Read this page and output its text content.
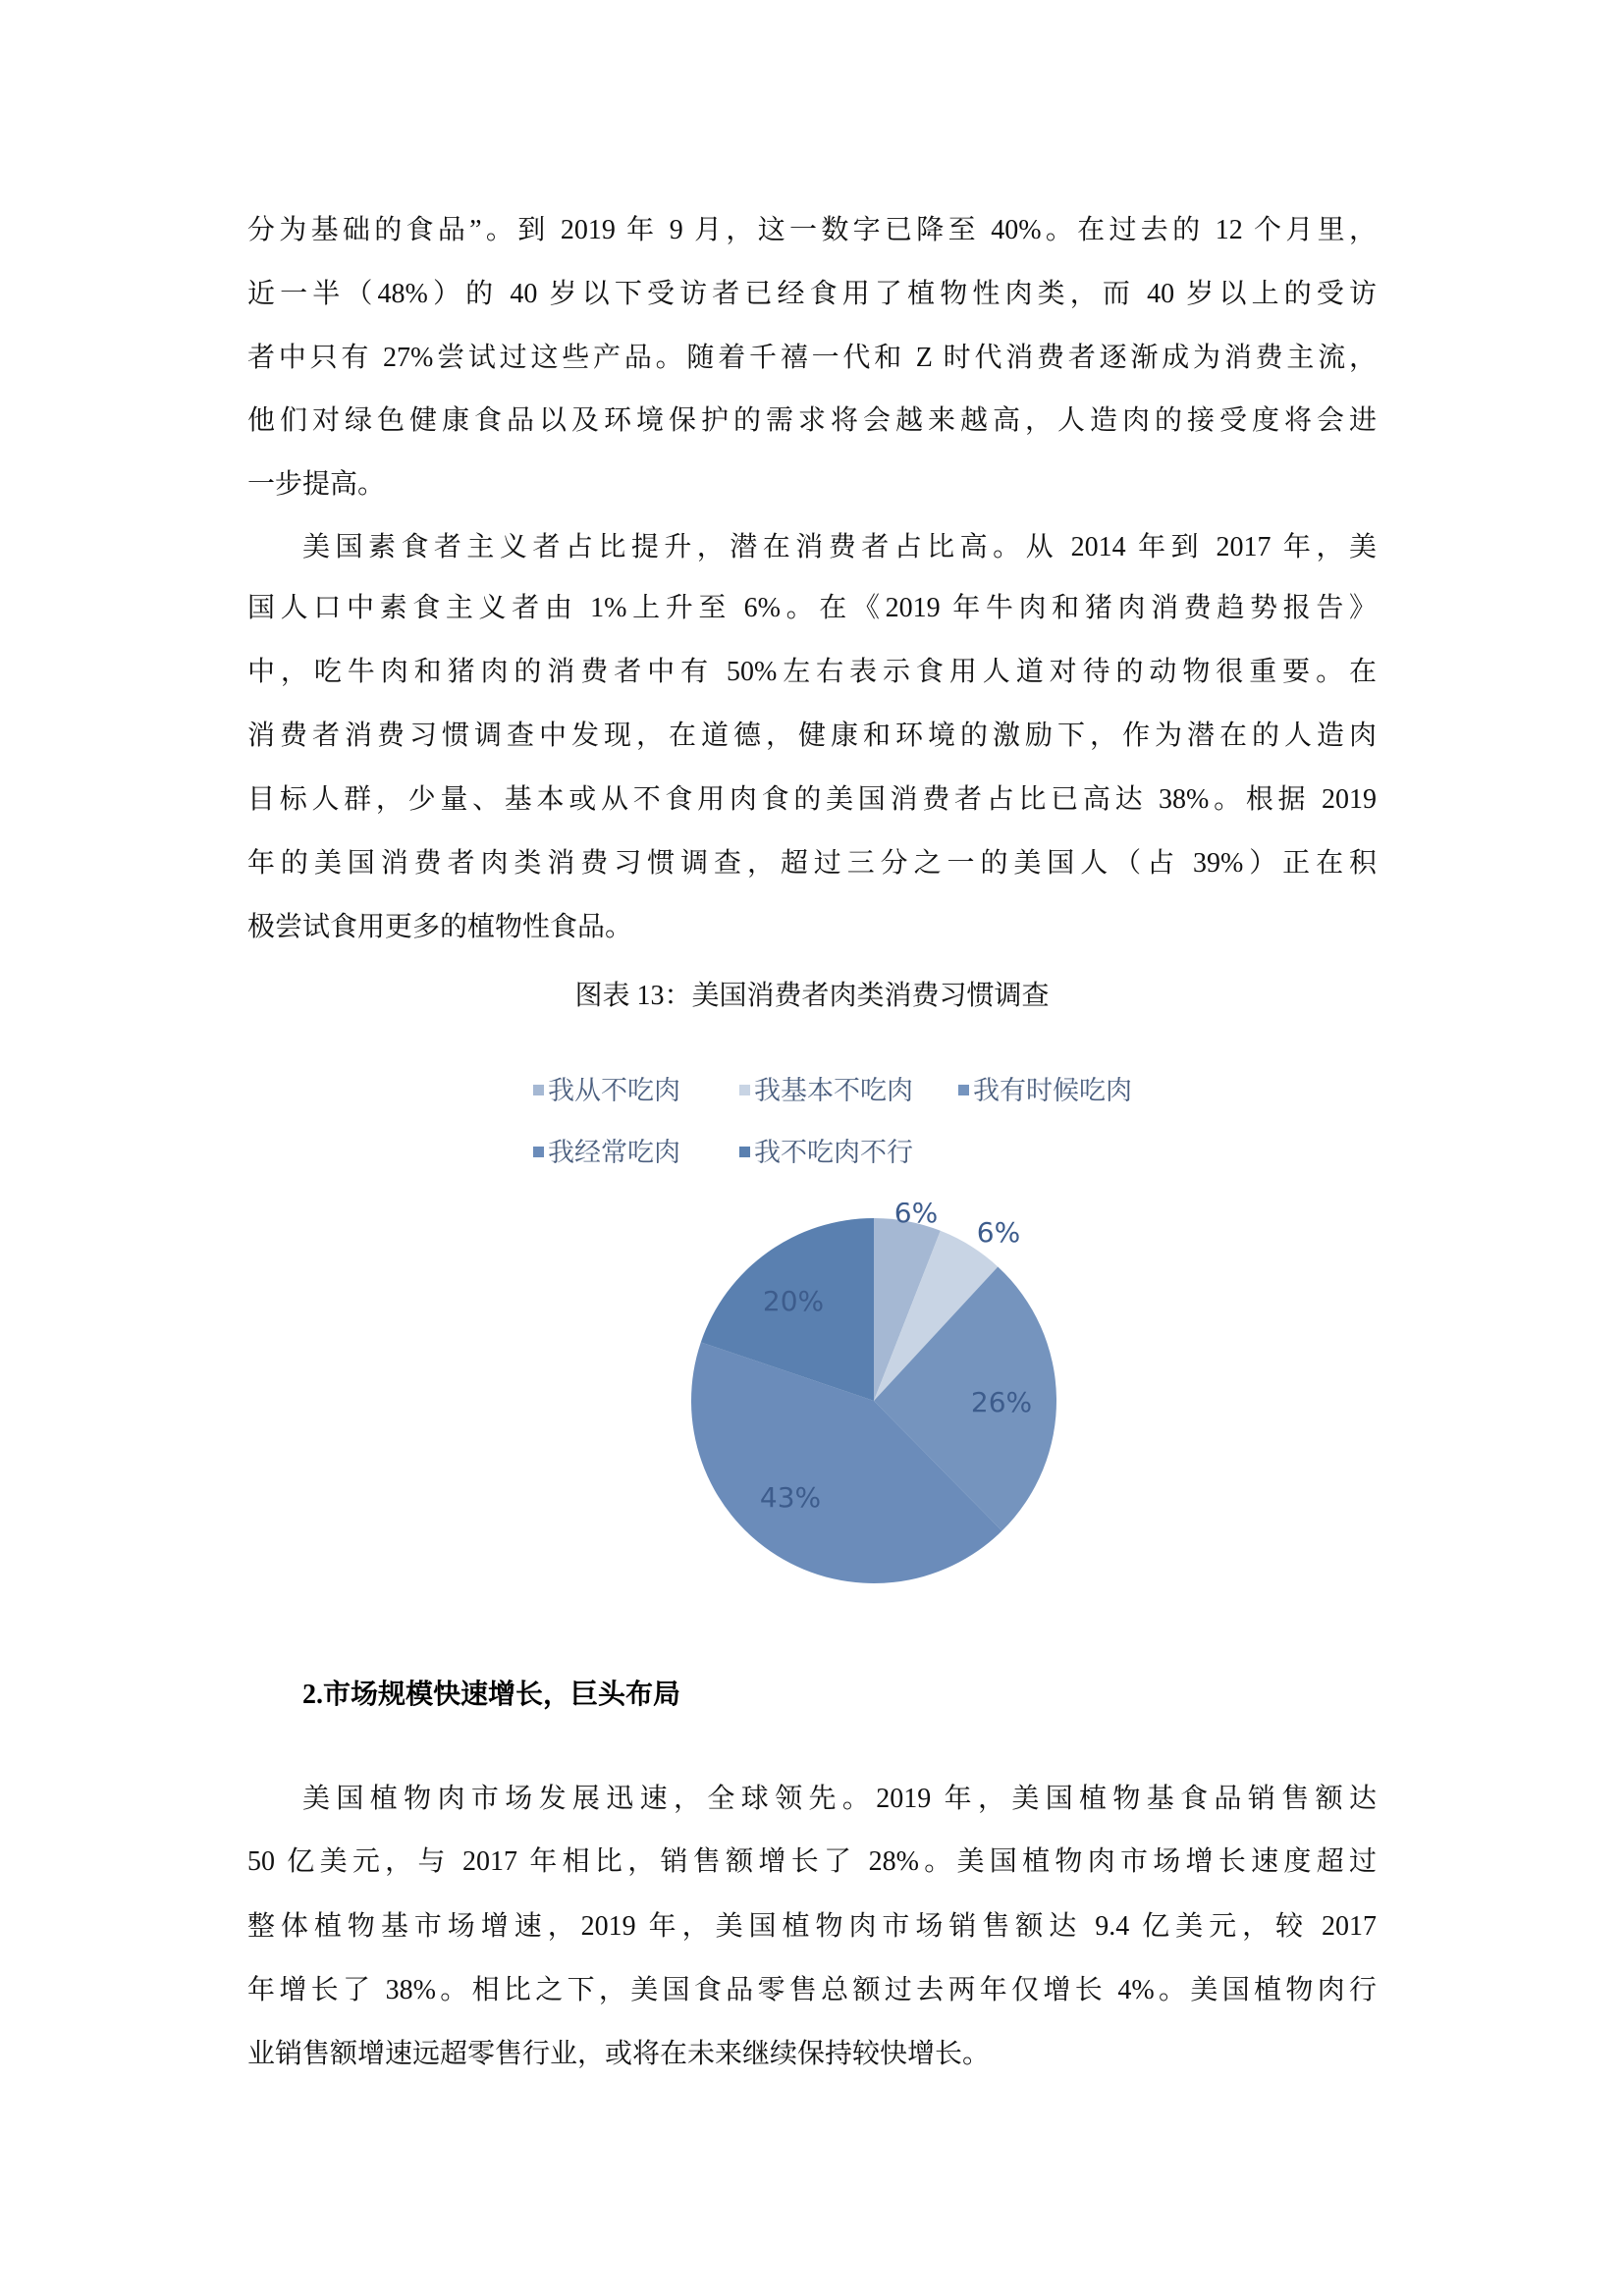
分为基础的食品”。到 2019 年 9 月，这一数字已降至 40%。在过去的 12 个月里，
近一半（48%）的 40 岁以下受访者已经食用了植物性肉类，而 40 岁以上的受访
者中只有 27%尝试过这些产品。随着千禧一代和 Z 时代消费者逐渐成为消费主流，
他们对绿色健康食品以及环境保护的需求将会越来越高，人造肉的接受度将会进
一步提高。
美国素食者主义者占比提升，潜在消费者占比高。从 2014 年到 2017 年，美
国人口中素食主义者由 1%上升至 6%。在《2019 年牛肉和猪肉消费趋势报告》
中，吃牛肉和猪肉的消费者中有 50%左右表示食用人道对待的动物很重要。在
消费者消费习惯调查中发现，在道德，健康和环境的激励下，作为潜在的人造肉
目标人群，少量、基本或从不食用肉食的美国消费者占比已高达 38%。根据 2019
年的美国消费者肉类消费习惯调查，超过三分之一的美国人（占 39%）正在积
极尝试食用更多的植物性食品。
图表 13：美国消费者肉类消费习惯调查
我从不吃肉	我基本不吃肉	我有时候吃肉
我经常吃肉	我不吃肉不行
6%
6%
26%
43%
20%
2.市场规模快速增长，巨头布局
美国植物肉市场发展迅速，全球领先。2019 年，美国植物基食品销售额达
50 亿美元，与 2017 年相比，销售额增长了 28%。美国植物肉市场增长速度超过
整体植物基市场增速，2019 年，美国植物肉市场销售额达 9.4 亿美元，较 2017
年增长了 38%。相比之下，美国食品零售总额过去两年仅增长 4%。美国植物肉行
业销售额增速远超零售行业，或将在未来继续保持较快增长。
